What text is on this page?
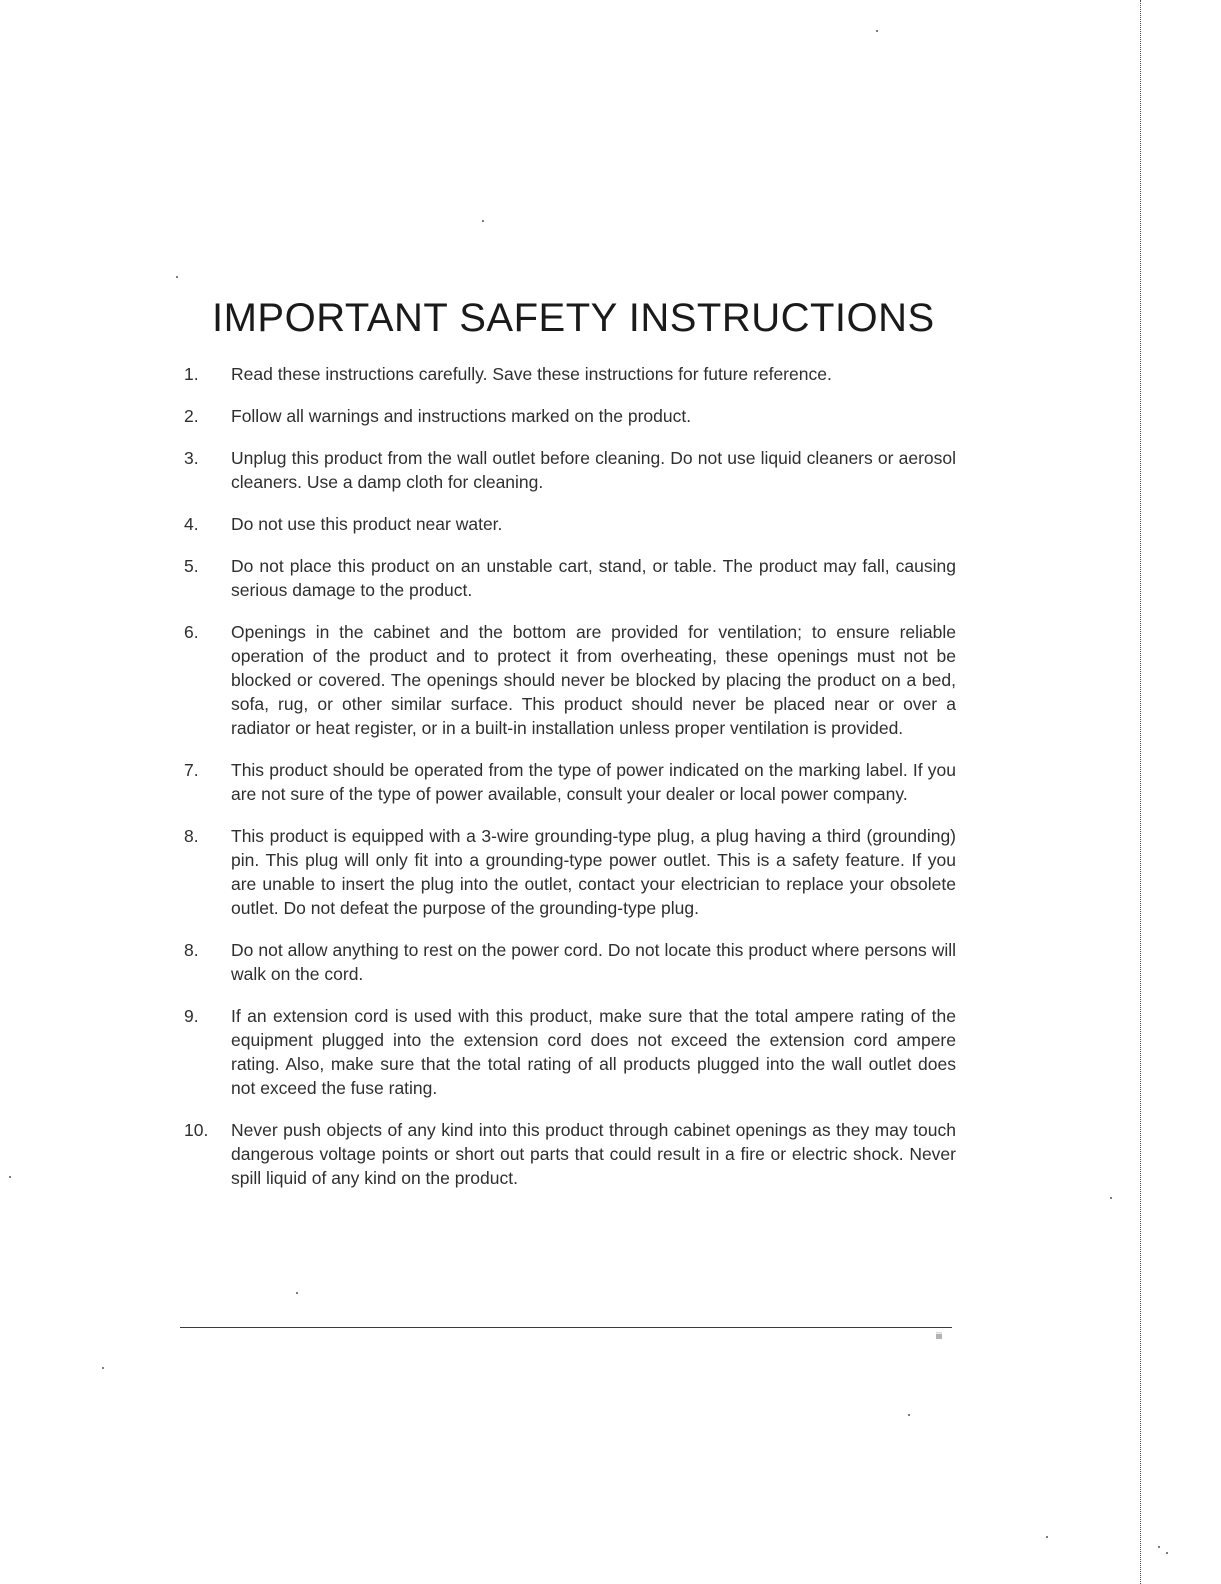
IMPORTANT SAFETY INSTRUCTIONS
1.	Read these instructions carefully. Save these instructions for future reference.
2.	Follow all warnings and instructions marked on the product.
3.	Unplug this product from the wall outlet before cleaning. Do not use liquid cleaners or aerosol cleaners. Use a damp cloth for cleaning.
4.	Do not use this product near water.
5.	Do not place this product on an unstable cart, stand, or table. The product may fall, causing serious damage to the product.
6.	Openings in the cabinet and the bottom are provided for ventilation; to ensure reliable operation of the product and to protect it from overheating, these openings must not be blocked or covered. The openings should never be blocked by placing the product on a bed, sofa, rug, or other similar surface. This product should never be placed near or over a radiator or heat register, or in a built-in installation unless proper ventilation is provided.
7.	This product should be operated from the type of power indicated on the marking label. If you are not sure of the type of power available, consult your dealer or local power company.
8.	This product is equipped with a 3-wire grounding-type plug, a plug having a third (grounding) pin. This plug will only fit into a grounding-type power outlet. This is a safety feature. If you are unable to insert the plug into the outlet, contact your electrician to replace your obsolete outlet. Do not defeat the purpose of the grounding-type plug.
8.	Do not allow anything to rest on the power cord. Do not locate this product where persons will walk on the cord.
9.	If an extension cord is used with this product, make sure that the total ampere rating of the equipment plugged into the extension cord does not exceed the extension cord ampere rating. Also, make sure that the total rating of all products plugged into the wall outlet does not exceed the fuse rating.
10.	Never push objects of any kind into this product through cabinet openings as they may touch dangerous voltage points or short out parts that could result in a fire or electric shock. Never spill liquid of any kind on the product.
iii
